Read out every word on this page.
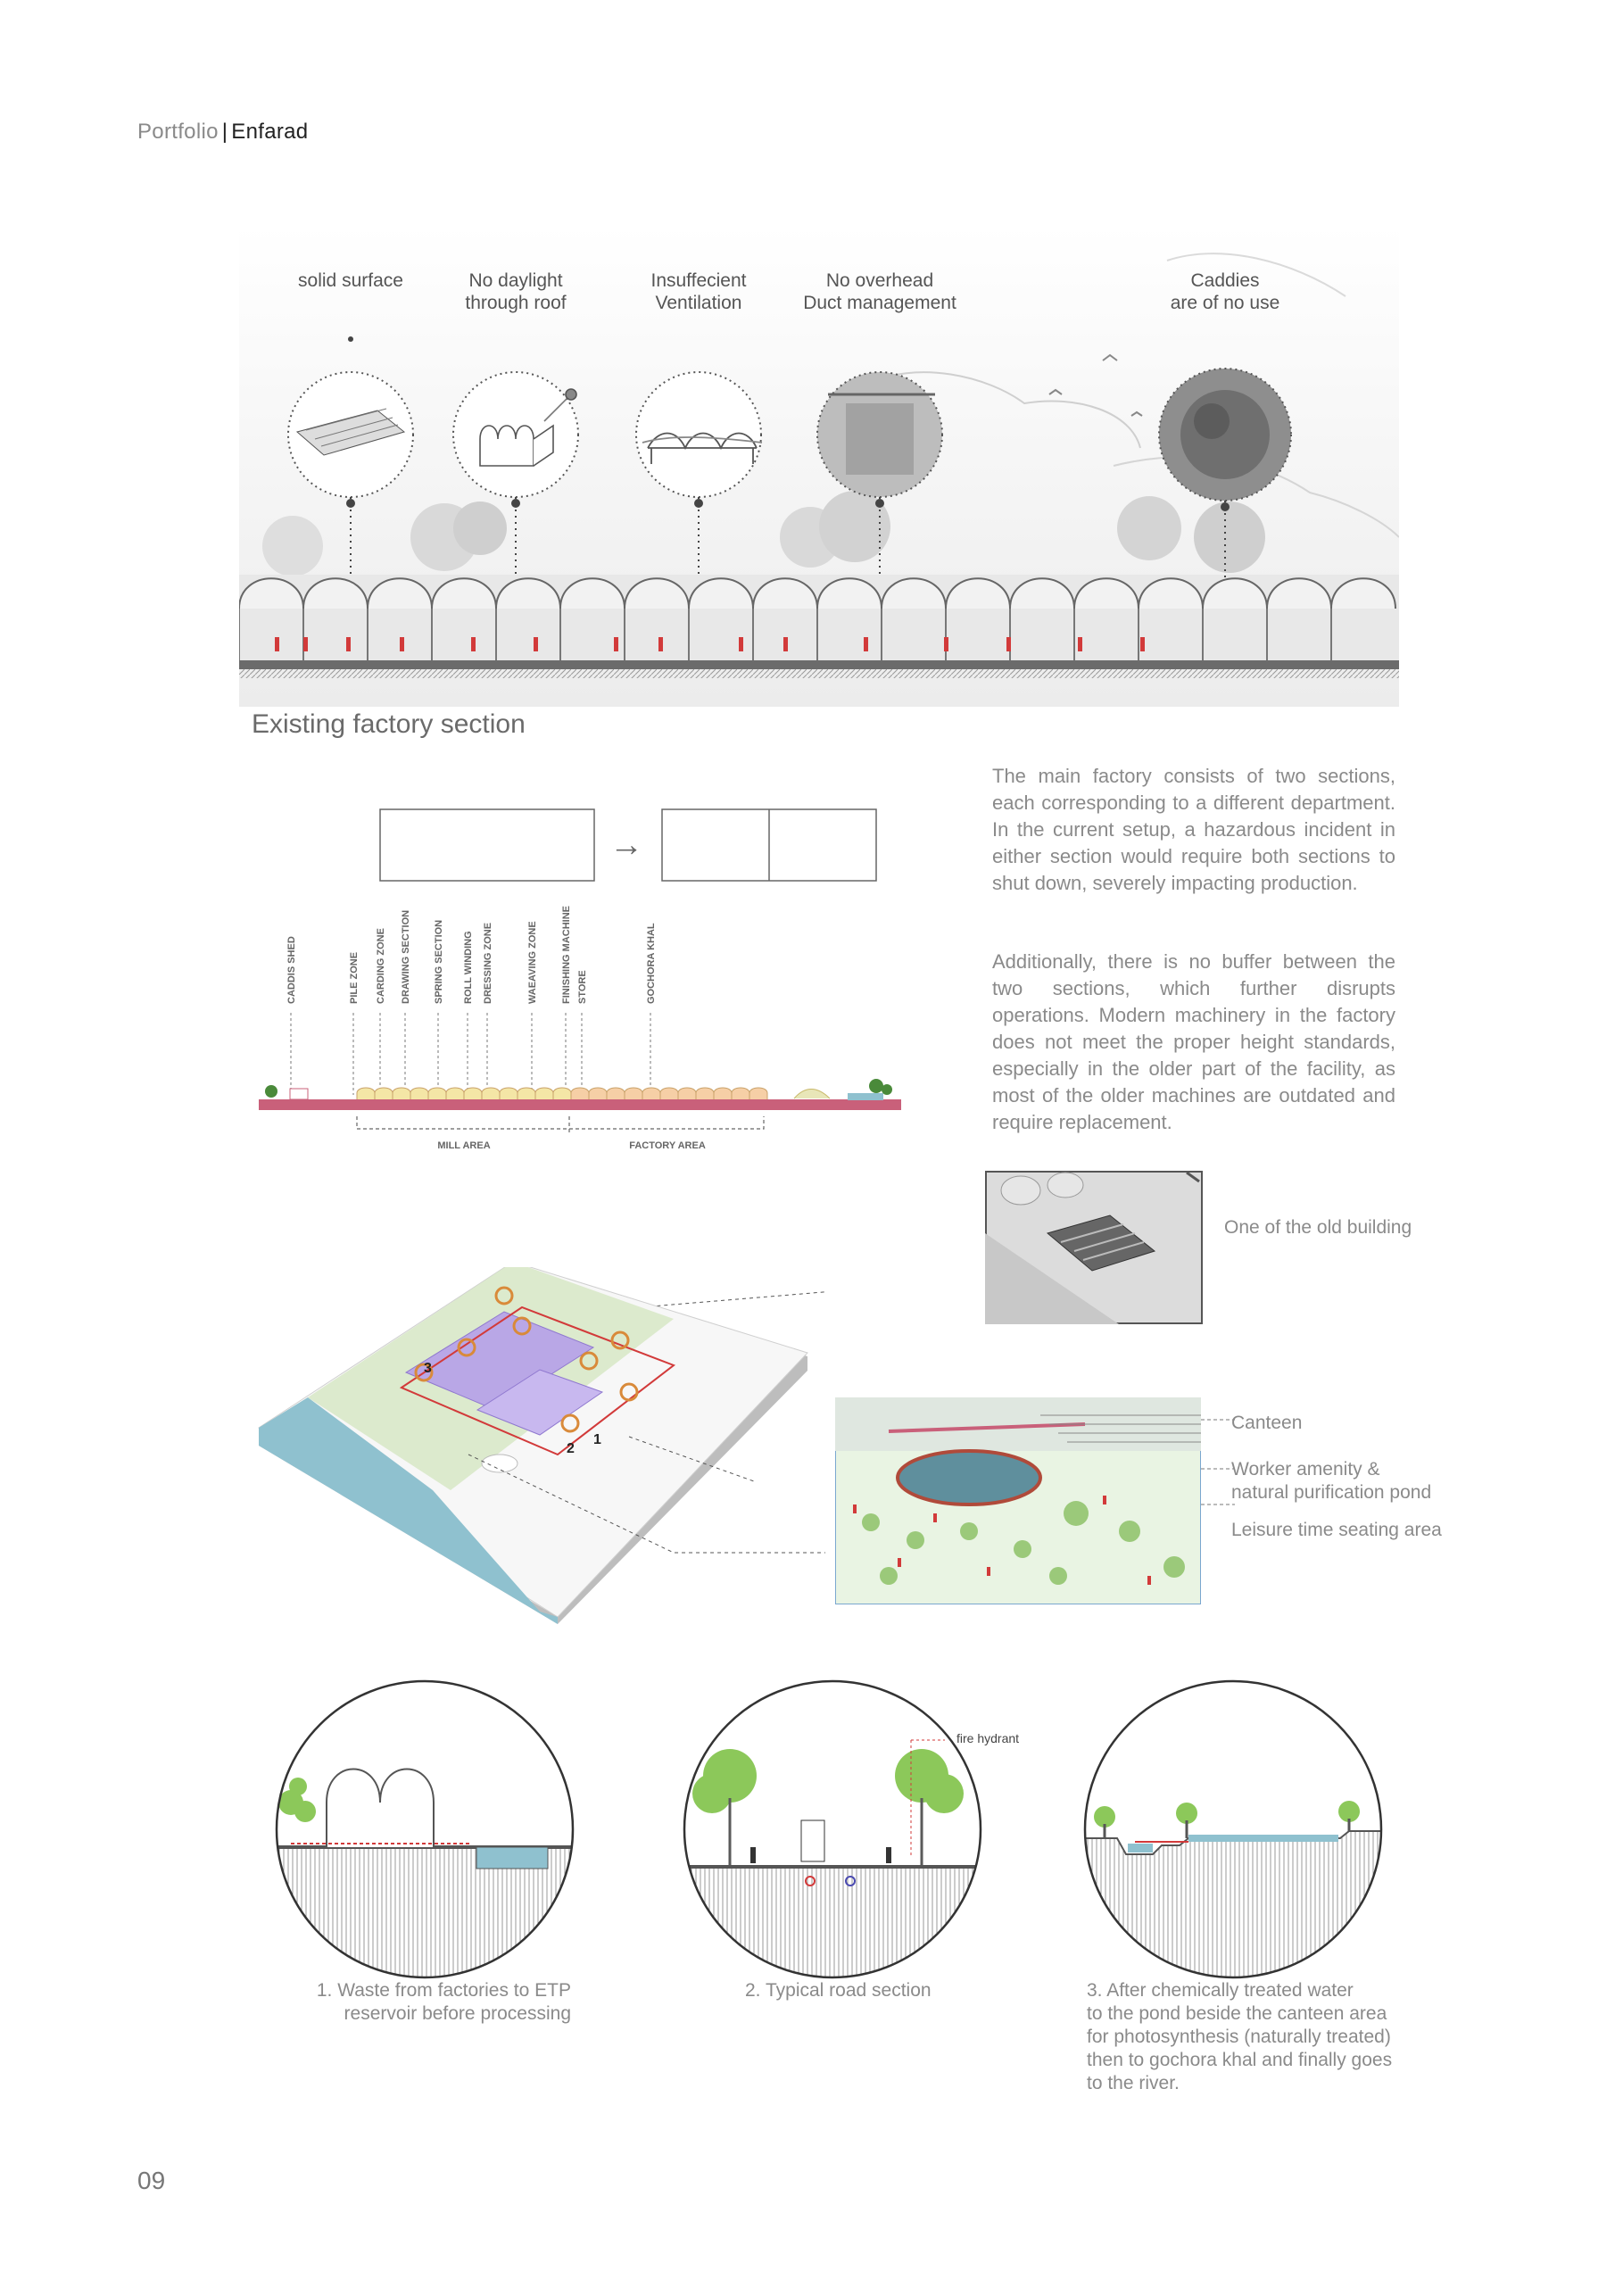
Portfolio | Enfarad
solid surface	No daylight
through roof
Insuffecient
Ventilation
No overhead
Duct management
Caddies
are of no use
Existing factory section
The main factory consists of two sections, each corresponding to a different department. In the current setup, a hazardous incident in either section would require both sections to shut down, severely impacting production.
Additionally, there is no buffer between the two sections, which further disrupts operations. Modern machinery in the factory does not meet the proper height standards, especially in the older part of the facility, as most of the older machines are outdated and require replacement.
→
CADDIS SHED	PILE ZONE CARDING ZONE DRAWING SECTION SPRING SECTION ROLL WINDING DRESSING ZONE	WAEAVING ZONE FINISHING MACHINE STORE	GOCHORA KHAL
MILL AREA	FACTORY AREA
One of the old building
3
1
2
Canteen
Worker amenity &
natural purification pond
Leisure time seating area
1. Waste from factories to ETP
reservoir before processing
fire hydrant
2. Typical road section	3. After chemically treated water
to the pond beside the canteen area
for photosynthesis (naturally treated)
then to gochora khal and finally goes
to the river.
09
